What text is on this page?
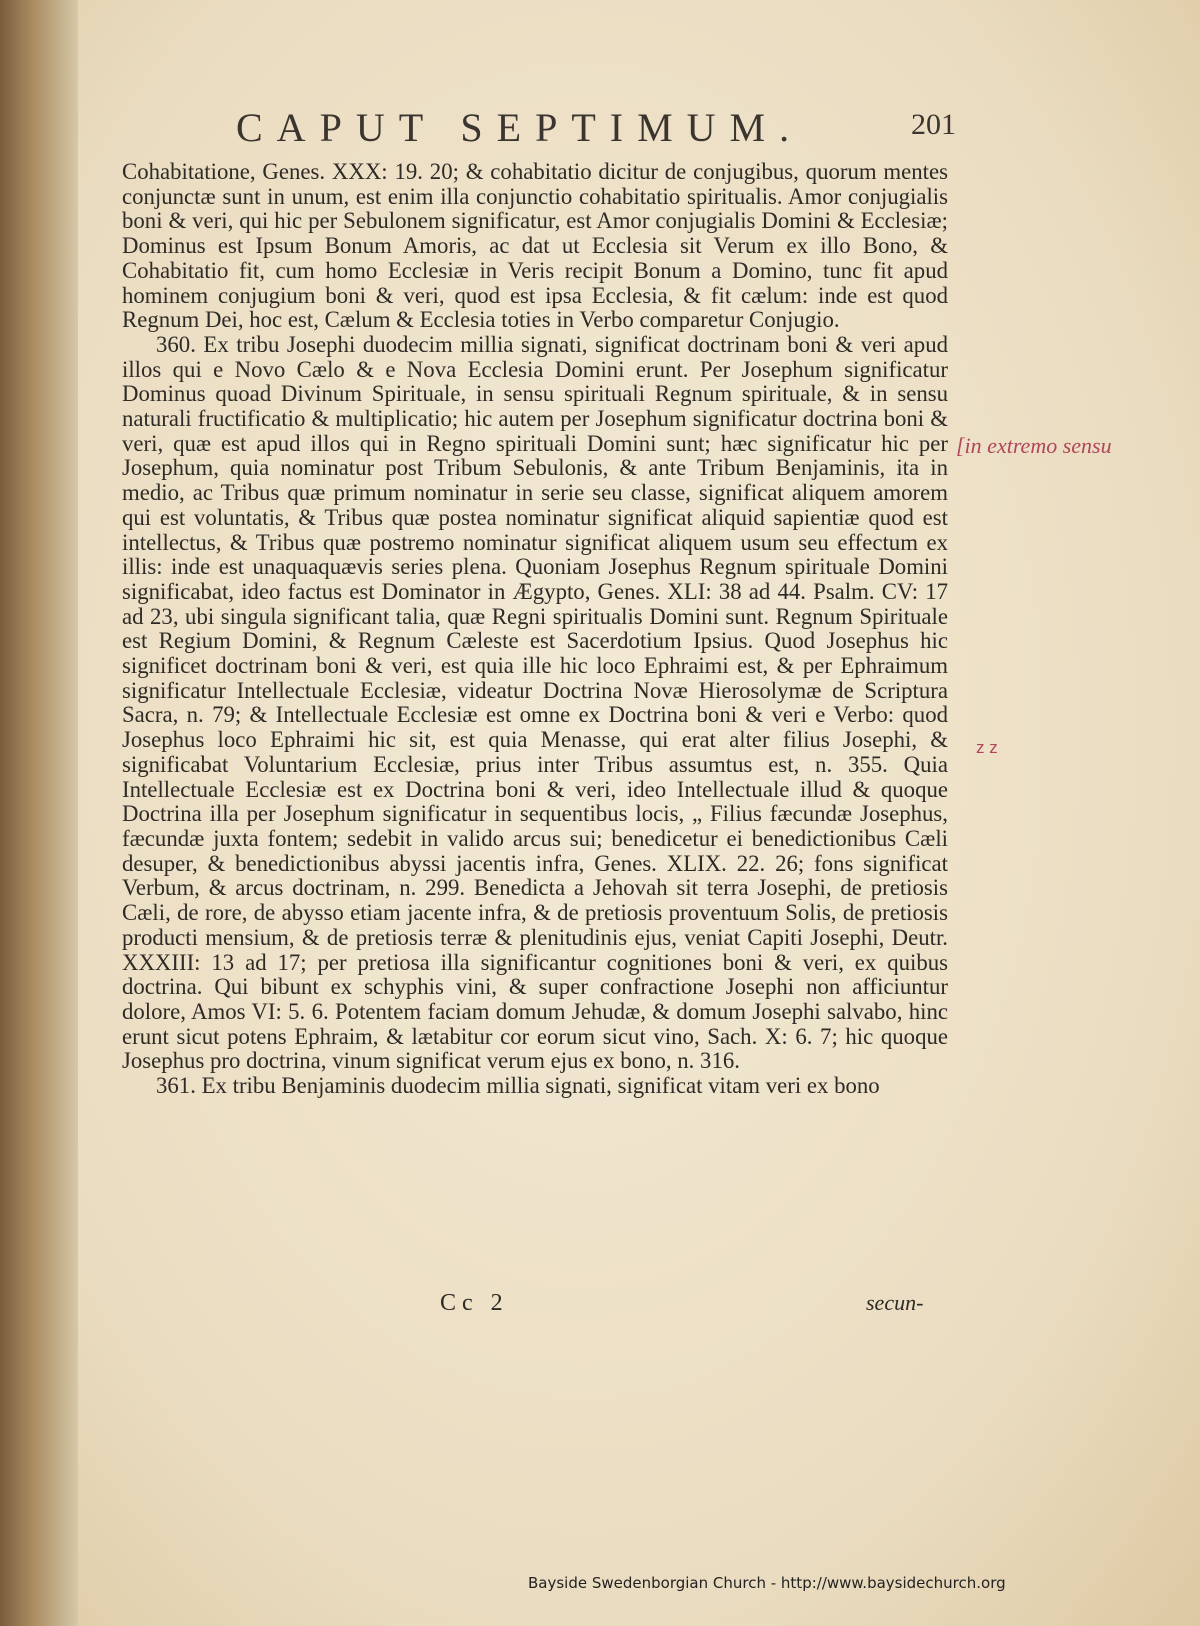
CAPUT SEPTIMUM.	201

Cohabitatione, Genes. XXX: 19. 20; & cohabitatio dicitur de conjugibus, quorum mentes conjunctæ sunt in unum, est enim illa conjunctio cohabitatio spiritualis. Amor conjugialis boni & veri, qui hic per Sebulonem significatur, est Amor conjugialis Domini & Ecclesiæ; Dominus est Ipsum Bonum Amoris, ac dat ut Ecclesia sit Verum ex illo Bono, & Cohabitatio fit, cum homo Ecclesiæ in Veris recipit Bonum a Domino, tunc fit apud hominem conjugium boni & veri, quod est ipsa Ecclesia, & fit cælum: inde est quod Regnum Dei, hoc est, Cælum & Ecclesia toties in Verbo comparetur Conjugio.

360. Ex tribu Josephi duodecim millia signati, significat doctrinam boni & veri apud illos qui e Novo Cælo & e Nova Ecclesia Domini erunt. Per Josephum significatur Dominus quoad Divinum Spirituale, in sensu spirituali Regnum spirituale, & in sensu naturali fructificatio & multiplicatio; hic autem per Josephum significatur doctrina boni & veri, quæ est apud illos qui in Regno spirituali Domini sunt; hæc significatur hic per Josephum, quia nominatur post Tribum Sebulonis, & ante Tribum Benjaminis, ita in medio, ac Tribus quæ primum nominatur in serie seu classe, significat aliquem amorem qui est voluntatis, & Tribus quæ postea nominatur significat aliquid sapientiæ quod est intellectus, & Tribus quæ postremo nominatur significat aliquem usum seu effectum ex illis: inde est unaquaquævis series plena. Quoniam Josephus Regnum spirituale Domini significabat, ideo factus est Dominator in Ægypto, Genes. XLI: 38 ad 44. Psalm. CV: 17 ad 23, ubi singula significant talia, quæ Regni spiritualis Domini sunt. Regnum Spirituale est Regium Domini, & Regnum Cæleste est Sacerdotium Ipsius. Quod Josephus hic significet doctrinam boni & veri, est quia ille hic loco Ephraimi est, & per Ephraimum significatur Intellectuale Ecclesiæ, videatur Doctrina Novæ Hierosolymæ de Scriptura Sacra, n. 79; & Intellectuale Ecclesiæ est omne ex Doctrina boni & veri e Verbo: quod Josephus loco Ephraimi hic sit, est quia Menasse, qui erat alter filius Josephi, & significabat Voluntarium Ecclesiæ, prius inter Tribus assumtus est, n. 355. Quia Intellectuale Ecclesiæ est ex Doctrina boni & veri, ideo Intellectuale illud & quoque Doctrina illa per Josephum significatur in sequentibus locis, „ Filius fæcundæ Josephus, fæcundæ juxta fontem; sedebit in valido arcus sui; benedicetur ei benedictionibus Cæli desuper, & benedictionibus abyssi jacentis infra, Genes. XLIX. 22. 26; fons significat Verbum, & arcus doctrinam, n. 299. Benedicta a Jehovah sit terra Josephi, de pretiosis Cæli, de rore, de abysso etiam jacente infra, & de pretiosis proventuum Solis, de pretiosis producti mensium, & de pretiosis terræ & plenitudinis ejus, veniat Capiti Josephi, Deutr. XXXIII: 13 ad 17; per pretiosa illa significantur cognitiones boni & veri, ex quibus doctrina. Qui bibunt ex schyphis vini, & super confractione Josephi non afficiuntur dolore, Amos VI: 5. 6. Potentem faciam domum Jehudæ, & domum Josephi salvabo, hinc erunt sicut potens Ephraim, & lætabitur cor eorum sicut vino, Sach. X: 6. 7; hic quoque Josephus pro doctrina, vinum significat verum ejus ex bono, n. 316.

361. Ex tribu Benjaminis duodecim millia signati, significat vitam veri ex bono

Cc 2	secun-
[in extremo sensu
z z
Bayside Swedenborgian Church - http://www.baysidechurch.org
